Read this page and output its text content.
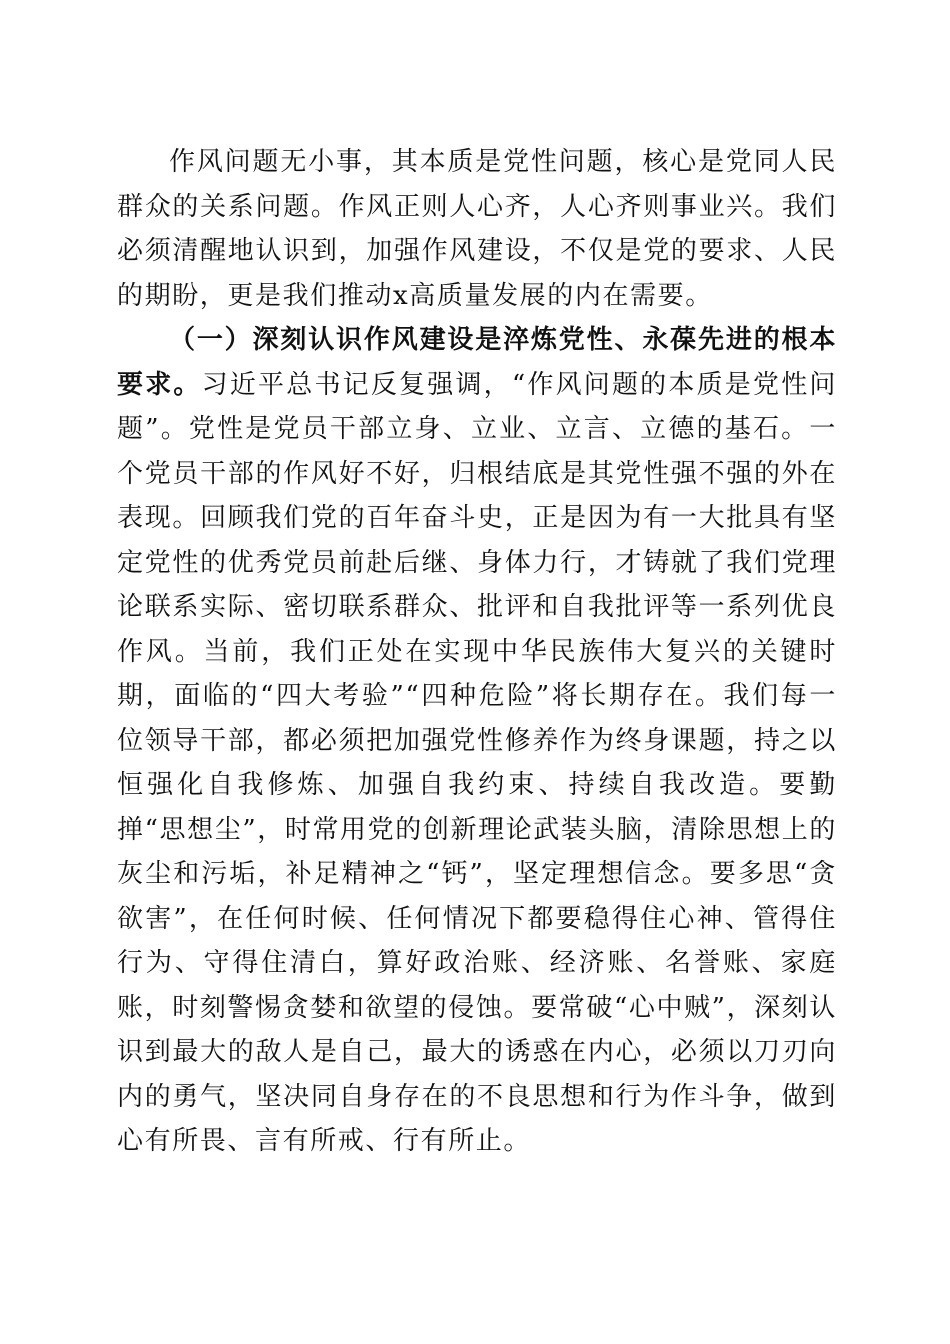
作风问题无小事，其本质是党性问题，核心是党同人民群众的关系问题。作风正则人心齐，人心齐则事业兴。我们必须清醒地认识到，加强作风建设，不仅是党的要求、人民的期盼，更是我们推动x高质量发展的内在需要。

（一）深刻认识作风建设是淬炼党性、永葆先进的根本要求。习近平总书记反复强调，“作风问题的本质是党性问题”。党性是党员干部立身、立业、立言、立德的基石。一个党员干部的作风好不好，归根结底是其党性强不强的外在表现。回顾我们党的百年奋斗史，正是因为有一大批具有坚定党性的优秀党员前赴后继、身体力行，才铸就了我们党理论联系实际、密切联系群众、批评和自我批评等一系列优良作风。当前，我们正处在实现中华民族伟大复兴的关键时期，面临的“四大考验”“四种危险”将长期存在。我们每一位领导干部，都必须把加强党性修养作为终身课题，持之以恒强化自我修炼、加强自我约束、持续自我改造。要勤掸“思想尘”，时常用党的创新理论武装头脑，清除思想上的灰尘和污垢，补足精神之“钙”，坚定理想信念。要多思“贪欲害”，在任何时候、任何情况下都要稳得住心神、管得住行为、守得住清白，算好政治账、经济账、名誉账、家庭账，时刻警惕贪婪和欲望的侵蚀。要常破“心中贼”，深刻认识到最大的敌人是自己，最大的诱惑在内心，必须以刀刃向内的勇气，坚决同自身存在的不良思想和行为作斗争，做到心有所畏、言有所戒、行有所止。
